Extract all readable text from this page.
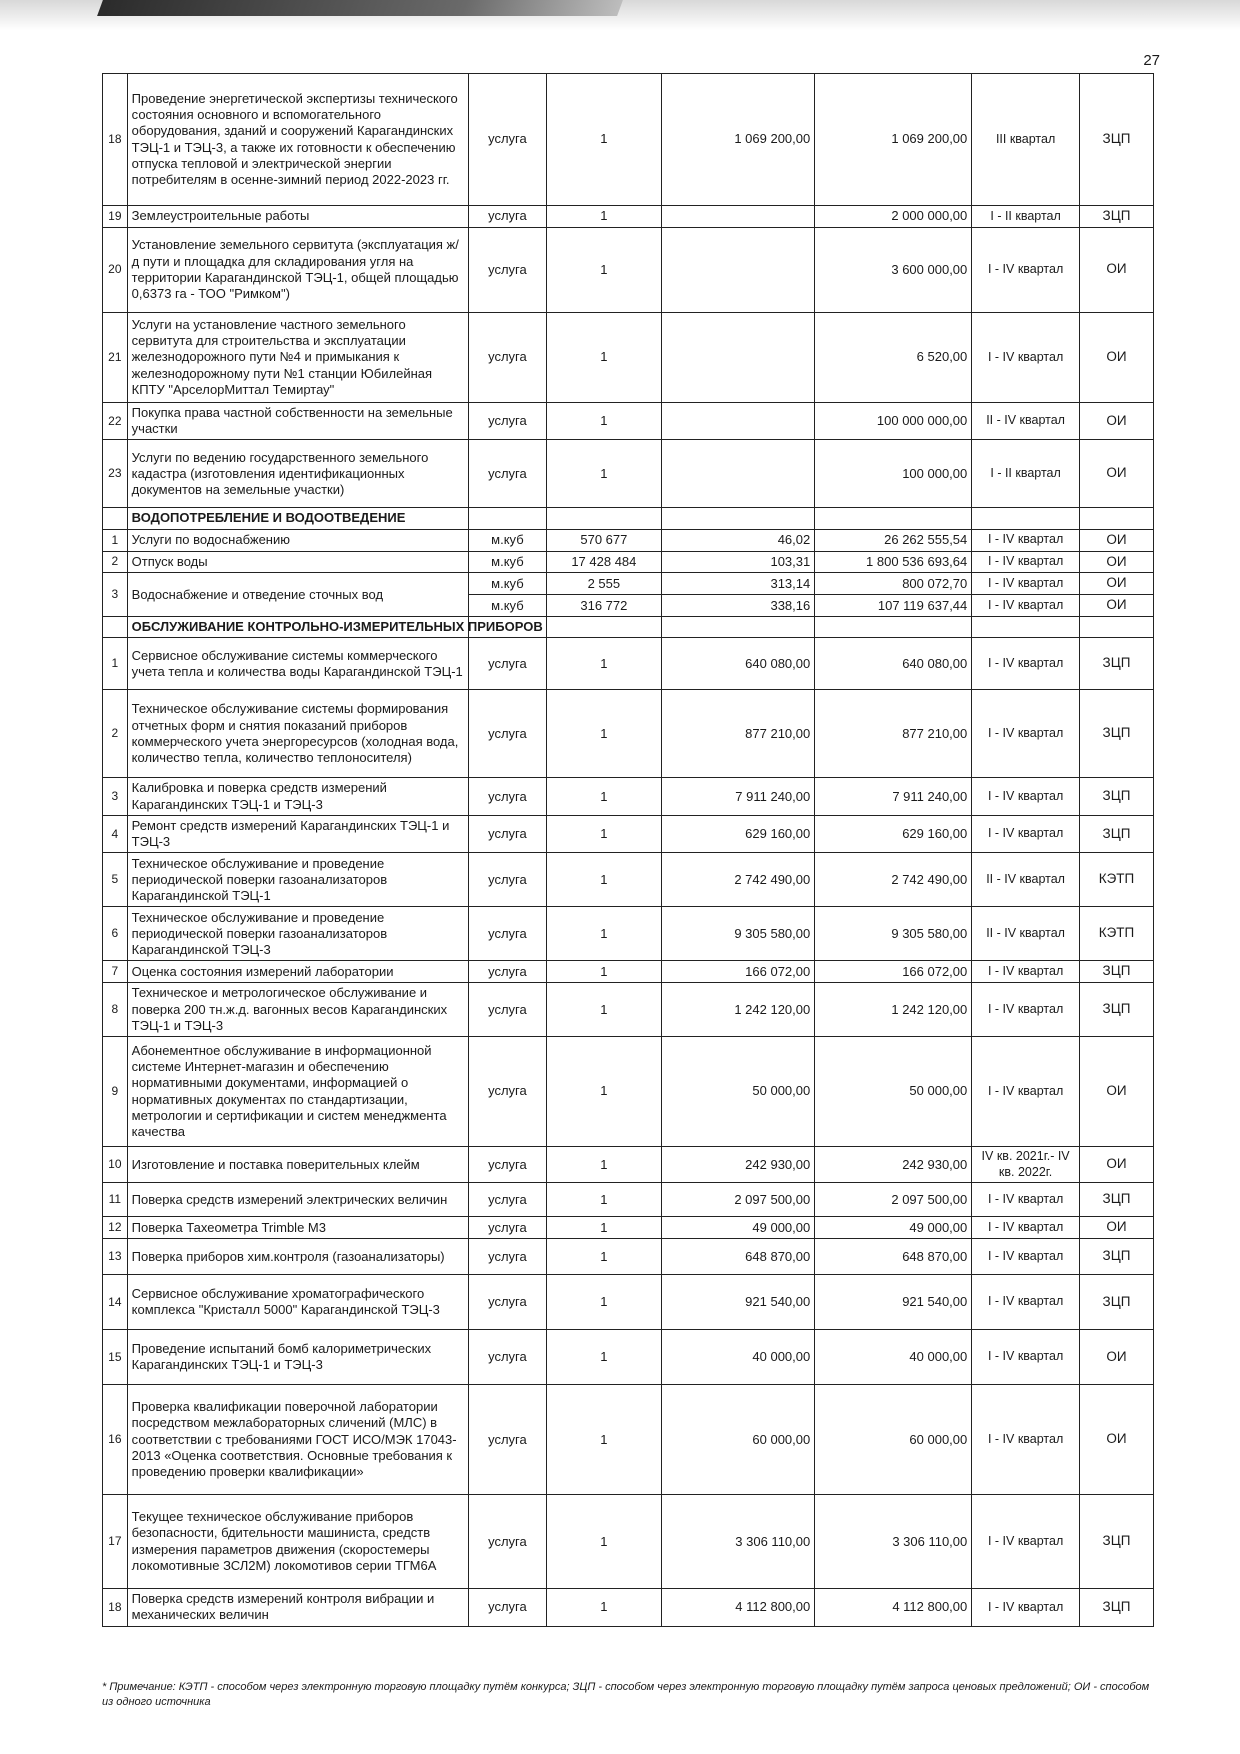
27
18	Проведение энергетической экспертизы технического состояния основного и вспомогательного оборудования, зданий и сооружений Карагандинских ТЭЦ-1 и ТЭЦ-3, а также их готовности к обеспечению отпуска тепловой и электрической энергии потребителям в осенне-зимний период 2022-2023 гг.	услуга	1	1 069 200,00	1 069 200,00	III квартал	ЗЦП
19	Землеустроительные работы	услуга	1		2 000 000,00	I - II квартал	ЗЦП
20	Установление земельного сервитута (эксплуатация ж/д пути и площадка для складирования угля на территории Карагандинской ТЭЦ-1, общей площадью 0,6373 га - ТОО "Римком")	услуга	1		3 600 000,00	I - IV квартал	ОИ
21	Услуги на установление частного земельного сервитута для строительства и эксплуатации железнодорожного пути №4 и примыкания к железнодорожному пути №1 станции Юбилейная КПТУ "АрселорМиттал Темиртау"	услуга	1		6 520,00	I - IV квартал	ОИ
22	Покупка права частной собственности на земельные участки	услуга	1		100 000 000,00	II - IV квартал	ОИ
23	Услуги по ведению государственного земельного кадастра (изготовления идентификационных документов на земельные участки)	услуга	1		100 000,00	I - II квартал	ОИ
	ВОДОПОТРЕБЛЕНИЕ И ВОДООТВЕДЕНИЕ						
1	Услуги по водоснабжению	м.куб	570 677	46,02	26 262 555,54	I - IV квартал	ОИ
2	Отпуск воды	м.куб	17 428 484	103,31	1 800 536 693,64	I - IV квартал	ОИ
3	Водоснабжение и отведение сточных вод	м.куб	2 555	313,14	800 072,70	I - IV квартал	ОИ
		м.куб	316 772	338,16	107 119 637,44	I - IV квартал	ОИ
	ОБСЛУЖИВАНИЕ КОНТРОЛЬНО-ИЗМЕРИТЕЛЬНЫХ ПРИБОРОВ						
1	Сервисное обслуживание системы коммерческого учета тепла и количества воды Карагандинской ТЭЦ-1	услуга	1	640 080,00	640 080,00	I - IV квартал	ЗЦП
2	Техническое обслуживание системы формирования отчетных форм и снятия показаний приборов коммерческого учета энергоресурсов (холодная вода, количество тепла, количество теплоносителя)	услуга	1	877 210,00	877 210,00	I - IV квартал	ЗЦП
3	Калибровка и поверка средств измерений Карагандинских ТЭЦ-1 и ТЭЦ-3	услуга	1	7 911 240,00	7 911 240,00	I - IV квартал	ЗЦП
4	Ремонт средств измерений Карагандинских ТЭЦ-1 и ТЭЦ-3	услуга	1	629 160,00	629 160,00	I - IV квартал	ЗЦП
5	Техническое обслуживание и проведение периодической поверки газоанализаторов Карагандинской ТЭЦ-1	услуга	1	2 742 490,00	2 742 490,00	II - IV квартал	КЭТП
6	Техническое обслуживание и проведение периодической поверки газоанализаторов Карагандинской ТЭЦ-3	услуга	1	9 305 580,00	9 305 580,00	II - IV квартал	КЭТП
7	Оценка состояния измерений лаборатории	услуга	1	166 072,00	166 072,00	I - IV квартал	ЗЦП
8	Техническое и метрологическое обслуживание и поверка 200 тн.ж.д. вагонных весов Карагандинских ТЭЦ-1 и ТЭЦ-3	услуга	1	1 242 120,00	1 242 120,00	I - IV квартал	ЗЦП
9	Абонементное обслуживание в информационной системе Интернет-магазин и обеспечению нормативными документами, информацией о нормативных документах по стандартизации, метрологии и сертификации и систем менеджмента качества	услуга	1	50 000,00	50 000,00	I - IV квартал	ОИ
10	Изготовление и поставка поверительных клейм	услуга	1	242 930,00	242 930,00	IV кв. 2021г.- IV кв. 2022г.	ОИ
11	Поверка средств измерений электрических величин	услуга	1	2 097 500,00	2 097 500,00	I - IV квартал	ЗЦП
12	Поверка Тахеометра Trimble M3	услуга	1	49 000,00	49 000,00	I - IV квартал	ОИ
13	Поверка приборов хим.контроля (газоанализаторы)	услуга	1	648 870,00	648 870,00	I - IV квартал	ЗЦП
14	Сервисное обслуживание хроматографического комплекса "Кристалл 5000" Карагандинской ТЭЦ-3	услуга	1	921 540,00	921 540,00	I - IV квартал	ЗЦП
15	Проведение испытаний бомб калориметрических Карагандинских ТЭЦ-1 и ТЭЦ-3	услуга	1	40 000,00	40 000,00	I - IV квартал	ОИ
16	Проверка квалификации поверочной лаборатории посредством межлабораторных сличений (МЛС) в соответствии с требованиями ГОСТ ИСО/МЭК 17043-2013 «Оценка соответствия. Основные требования к проведению проверки квалификации»	услуга	1	60 000,00	60 000,00	I - IV квартал	ОИ
17	Текущее техническое обслуживание приборов безопасности, бдительности машиниста, средств измерения параметров движения (скоростемеры локомотивные ЗСЛ2М) локомотивов серии ТГМ6А	услуга	1	3 306 110,00	3 306 110,00	I - IV квартал	ЗЦП
18	Поверка средств измерений контроля вибрации и механических величин	услуга	1	4 112 800,00	4 112 800,00	I - IV квартал	ЗЦП
* Примечание: КЭТП - способом через электронную торговую площадку путём конкурса; ЗЦП - способом через электронную торговую площадку путём запроса ценовых предложений; ОИ - способом из одного источника
